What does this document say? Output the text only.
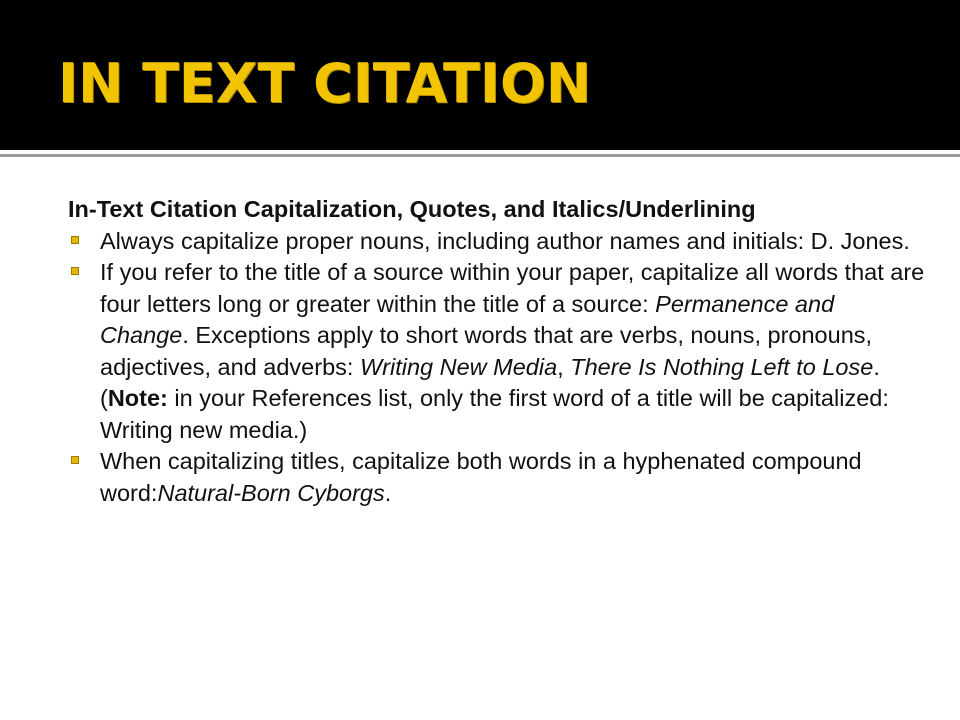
IN TEXT CITATION

In-Text Citation Capitalization, Quotes, and Italics/Underlining

Always capitalize proper nouns, including author names and initials: D. Jones.
If you refer to the title of a source within your paper, capitalize all words that are four letters long or greater within the title of a source: Permanence and Change. Exceptions apply to short words that are verbs, nouns, pronouns, adjectives, and adverbs: Writing New Media, There Is Nothing Left to Lose.(Note: in your References list, only the first word of a title will be capitalized: Writing new media.)
When capitalizing titles, capitalize both words in a hyphenated compound word:Natural-Born Cyborgs.
